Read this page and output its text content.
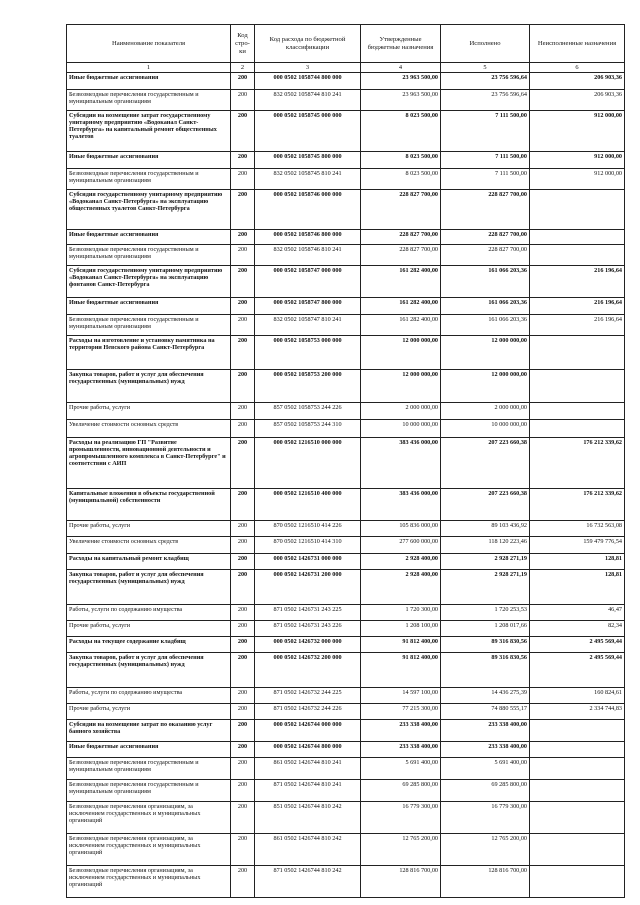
Наименование показателя	Код стро-ки	Код расхода по бюджетной классификации	Утвержденные бюджетные назначения	Исполнено	Неисполненные назначения
1	2	3	4	5	6
Иные бюджетные ассигнования	200	000 0502 1058744 800 000	23 963 500,00	23 756 596,64	206 903,36
Безвозмездные перечисления государственным и муниципальным организациям	200	832 0502 1058744 810 241	23 963 500,00	23 756 596,64	206 903,36
Субсидии на возмещение затрат государственному унитарному предприятию «Водоканал Санкт-Петербурга» на капитальный ремонт общественных туалетов	200	000 0502 1058745 000 000	8 023 500,00	7 111 500,00	912 000,00
Иные бюджетные ассигнования	200	000 0502 1058745 800 000	8 023 500,00	7 111 500,00	912 000,00
Безвозмездные перечисления государственным и муниципальным организациям	200	832 0502 1058745 810 241	8 023 500,00	7 111 500,00	912 000,00
Субсидия государственному унитарному предприятию «Водоканал Санкт-Петербурга» на эксплуатацию общественных туалетов Санкт-Петербурга	200	000 0502 1058746 000 000	228 827 700,00	228 827 700,00	
Иные бюджетные ассигнования	200	000 0502 1058746 800 000	228 827 700,00	228 827 700,00	
Безвозмездные перечисления государственным и муниципальным организациям	200	832 0502 1058746 810 241	228 827 700,00	228 827 700,00	
Субсидия государственному унитарному предприятию «Водоканал Санкт-Петербурга» на эксплуатацию фонтанов Санкт-Петербурга	200	000 0502 1058747 000 000	161 282 400,00	161 066 203,36	216 196,64
Иные бюджетные ассигнования	200	000 0502 1058747 800 000	161 282 400,00	161 066 203,36	216 196,64
Безвозмездные перечисления государственным и муниципальным организациям	200	832 0502 1058747 810 241	161 282 400,00	161 066 203,36	216 196,64
Расходы на изготовление и установку памятника на территории Невского района Санкт-Петербурга	200	000 0502 1058753 000 000	12 000 000,00	12 000 000,00	
Закупка товаров, работ и услуг для обеспечения государственных (муниципальных) нужд	200	000 0502 1058753 200 000	12 000 000,00	12 000 000,00	
Прочие работы, услуги	200	857 0502 1058753 244 226	2 000 000,00	2 000 000,00	
Увеличение стоимости основных средств	200	857 0502 1058753 244 310	10 000 000,00	10 000 000,00	
Расходы на реализацию ГП "Развитие промышленности, инновационной деятельности и агропромышленного комплекса в Санкт-Петербурге" и соответствии с АИП	200	000 0502 1216510 000 000	383 436 000,00	207 223 660,38	176 212 339,62
Капитальные вложения в объекты государственной (муниципальной) собственности	200	000 0502 1216510 400 000	383 436 000,00	207 223 660,38	176 212 339,62
Прочие работы, услуги	200	870 0502 1216510 414 226	105 836 000,00	89 103 436,92	16 732 563,08
Увеличение стоимости основных средств	200	870 0502 1216510 414 310	277 600 000,00	118 120 223,46	159 479 776,54
Расходы на капитальный ремонт кладбищ	200	000 0502 1426731 000 000	2 928 400,00	2 928 271,19	128,81
Закупка товаров, работ и услуг для обеспечения государственных (муниципальных) нужд	200	000 0502 1426731 200 000	2 928 400,00	2 928 271,19	128,81
Работы, услуги по содержанию имущества	200	871 0502 1426731 243 225	1 720 300,00	1 720 253,53	46,47
Прочие работы, услуги	200	871 0502 1426731 243 226	1 208 100,00	1 208 017,66	82,34
Расходы на текущее содержание кладбищ	200	000 0502 1426732 000 000	91 812 400,00	89 316 830,56	2 495 569,44
Закупка товаров, работ и услуг для обеспечения государственных (муниципальных) нужд	200	000 0502 1426732 200 000	91 812 400,00	89 316 830,56	2 495 569,44
Работы, услуги по содержанию имущества	200	871 0502 1426732 244 225	14 597 100,00	14 436 275,39	160 824,61
Прочие работы, услуги	200	871 0502 1426732 244 226	77 215 300,00	74 880 555,17	2 334 744,83
Субсидии на возмещение затрат по оказанию услуг банного хозяйства	200	000 0502 1426744 000 000	233 338 400,00	233 338 400,00	
Иные бюджетные ассигнования	200	000 0502 1426744 800 000	233 338 400,00	233 338 400,00	
Безвозмездные перечисления государственным и муниципальным организациям	200	861 0502 1426744 810 241	5 691 400,00	5 691 400,00	
Безвозмездные перечисления государственным и муниципальным организациям	200	871 0502 1426744 810 241	69 285 800,00	69 285 800,00	
Безвозмездные перечисления организациям, за исключением государственных и муниципальных организаций	200	851 0502 1426744 810 242	16 779 300,00	16 779 300,00	
Безвозмездные перечисления организациям, за исключением государственных и муниципальных организаций	200	861 0502 1426744 810 242	12 765 200,00	12 765 200,00	
Безвозмездные перечисления организациям, за исключением государственных и муниципальных организаций	200	871 0502 1426744 810 242	128 816 700,00	128 816 700,00	
